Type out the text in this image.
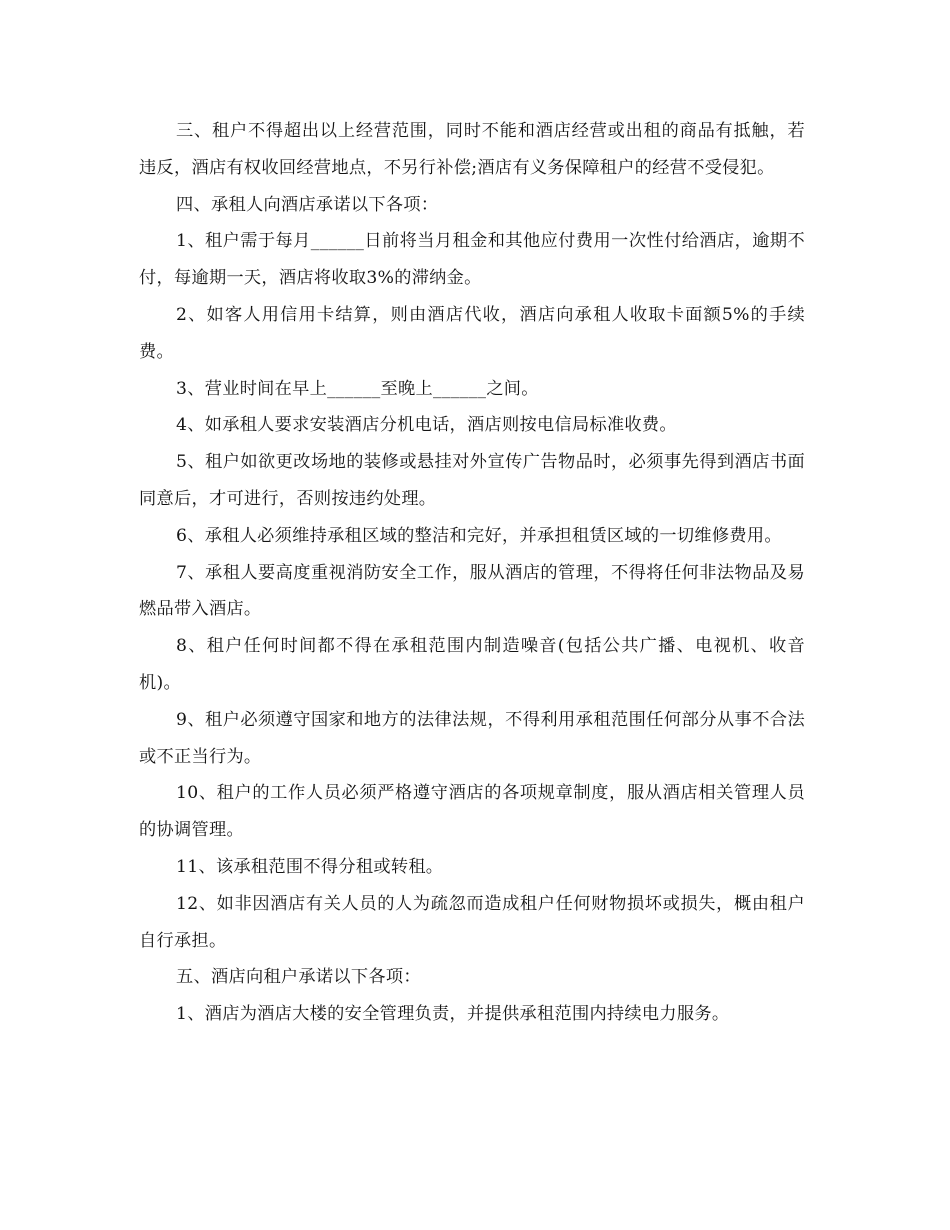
三、租户不得超出以上经营范围，同时不能和酒店经营或出租的商品有抵触，若违反，酒店有权收回经营地点，不另行补偿;酒店有义务保障租户的经营不受侵犯。

四、承租人向酒店承诺以下各项：

1、租户需于每月______日前将当月租金和其他应付费用一次性付给酒店，逾期不付，每逾期一天，酒店将收取3%的滞纳金。

2、如客人用信用卡结算，则由酒店代收，酒店向承租人收取卡面额5%的手续费。

3、营业时间在早上______至晚上______之间。

4、如承租人要求安装酒店分机电话，酒店则按电信局标准收费。

5、租户如欲更改场地的装修或悬挂对外宣传广告物品时，必须事先得到酒店书面同意后，才可进行，否则按违约处理。

6、承租人必须维持承租区域的整洁和完好，并承担租赁区域的一切维修费用。

7、承租人要高度重视消防安全工作，服从酒店的管理，不得将任何非法物品及易燃品带入酒店。

8、租户任何时间都不得在承租范围内制造噪音(包括公共广播、电视机、收音机)。

9、租户必须遵守国家和地方的法律法规，不得利用承租范围任何部分从事不合法或不正当行为。

10、租户的工作人员必须严格遵守酒店的各项规章制度，服从酒店相关管理人员的协调管理。

11、该承租范围不得分租或转租。

12、如非因酒店有关人员的人为疏忽而造成租户任何财物损坏或损失，概由租户自行承担。

五、酒店向租户承诺以下各项：

1、酒店为酒店大楼的安全管理负责，并提供承租范围内持续电力服务。
